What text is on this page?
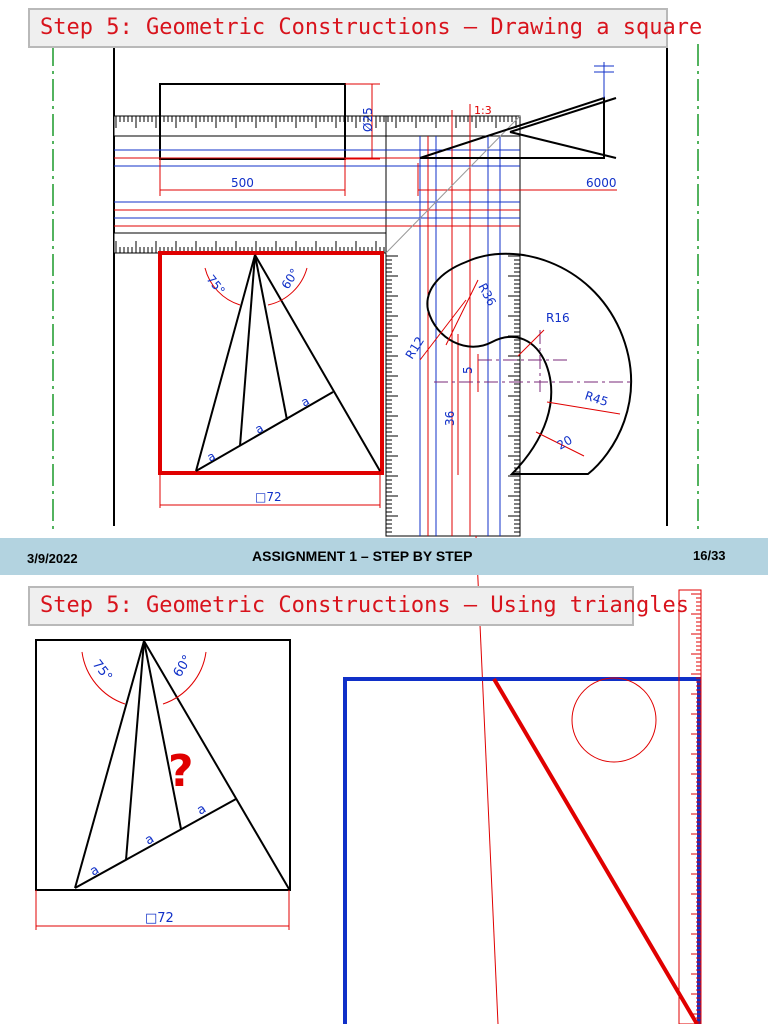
500	6000
Ø25	1:3
R36
R16
R12
R45
5
36
20
□72
75°	60°
a
a
a
75°	60°
a
a
a
□72
?
Step 5: Geometric Constructions – Drawing a square
3/9/2022	ASSIGNMENT 1 – STEP BY STEP	16/33
Step 5: Geometric Constructions – Using triangles
